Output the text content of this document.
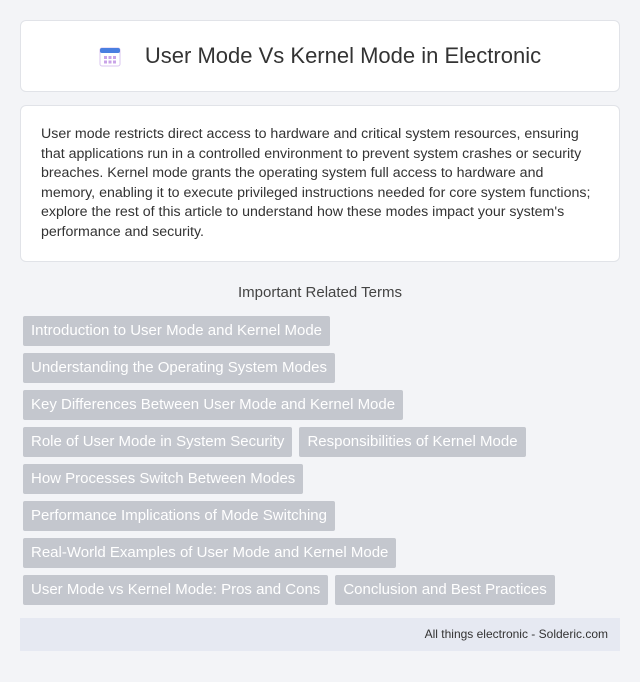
User Mode Vs Kernel Mode in Electronic

User mode restricts direct access to hardware and critical system resources, ensuring that applications run in a controlled environment to prevent system crashes or security breaches. Kernel mode grants the operating system full access to hardware and memory, enabling it to execute privileged instructions needed for core system functions; explore the rest of this article to understand how these modes impact your system's performance and security.

Important Related Terms
Introduction to User Mode and Kernel Mode
Understanding the Operating System Modes
Key Differences Between User Mode and Kernel Mode
Role of User Mode in System Security	Responsibilities of Kernel Mode
How Processes Switch Between Modes
Performance Implications of Mode Switching
Real-World Examples of User Mode and Kernel Mode
User Mode vs Kernel Mode: Pros and Cons	Conclusion and Best Practices
All things electronic - Solderic.com
